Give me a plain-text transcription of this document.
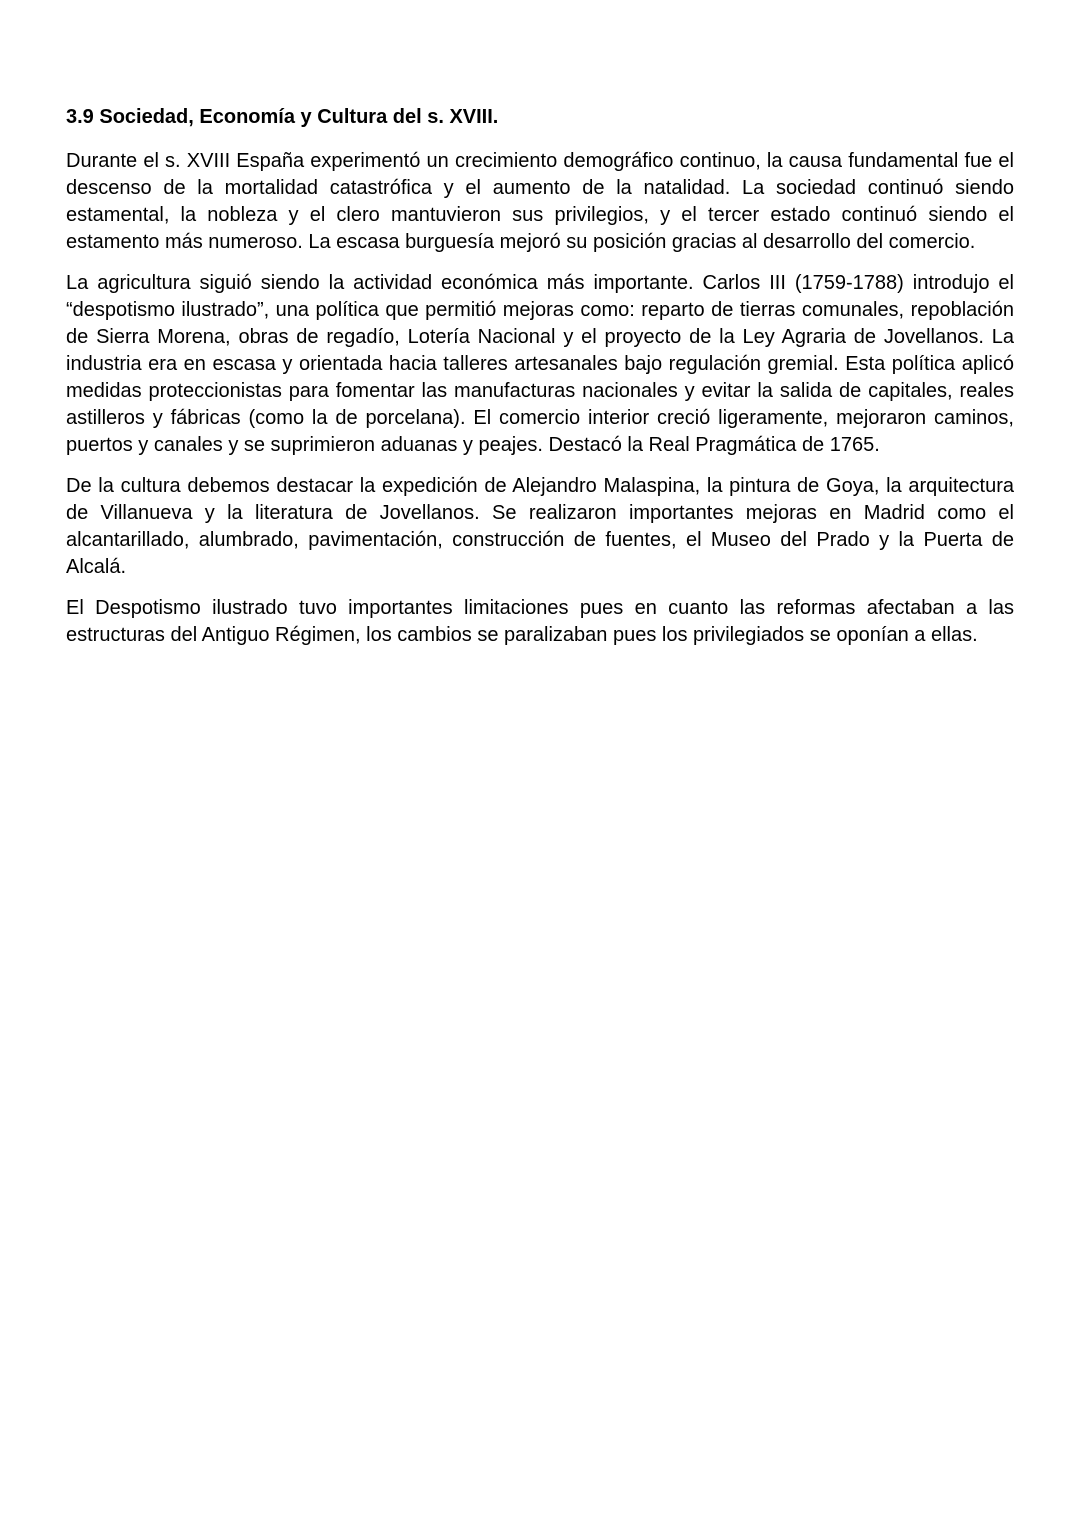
3.9 Sociedad, Economía y Cultura del s. XVIII.

Durante el s. XVIII España experimentó un crecimiento demográfico continuo, la causa fundamental fue el descenso de la mortalidad catastrófica y el aumento de la natalidad. La sociedad continuó siendo estamental, la nobleza y el clero mantuvieron sus privilegios, y el tercer estado continuó siendo el estamento más numeroso. La escasa burguesía mejoró su posición gracias al desarrollo del comercio.

La agricultura siguió siendo la actividad económica más importante. Carlos III (1759-1788) introdujo el “despotismo ilustrado”, una política que permitió mejoras como: reparto de tierras comunales, repoblación de Sierra Morena, obras de regadío, Lotería Nacional y el proyecto de la Ley Agraria de Jovellanos. La industria era en escasa y orientada hacia talleres artesanales bajo regulación gremial. Esta política aplicó medidas proteccionistas para fomentar las manufacturas nacionales y evitar la salida de capitales, reales astilleros y fábricas (como la de porcelana). El comercio interior creció ligeramente, mejoraron caminos, puertos y canales y se suprimieron aduanas y peajes. Destacó la Real Pragmática de 1765.

De la cultura debemos destacar la expedición de Alejandro Malaspina, la pintura de Goya, la arquitectura de Villanueva y la literatura de Jovellanos. Se realizaron importantes mejoras en Madrid como el alcantarillado, alumbrado, pavimentación, construcción de fuentes, el Museo del Prado y la Puerta de Alcalá.

El Despotismo ilustrado tuvo importantes limitaciones pues en cuanto las reformas afectaban a las estructuras del Antiguo Régimen, los cambios se paralizaban pues los privilegiados se oponían a ellas.
